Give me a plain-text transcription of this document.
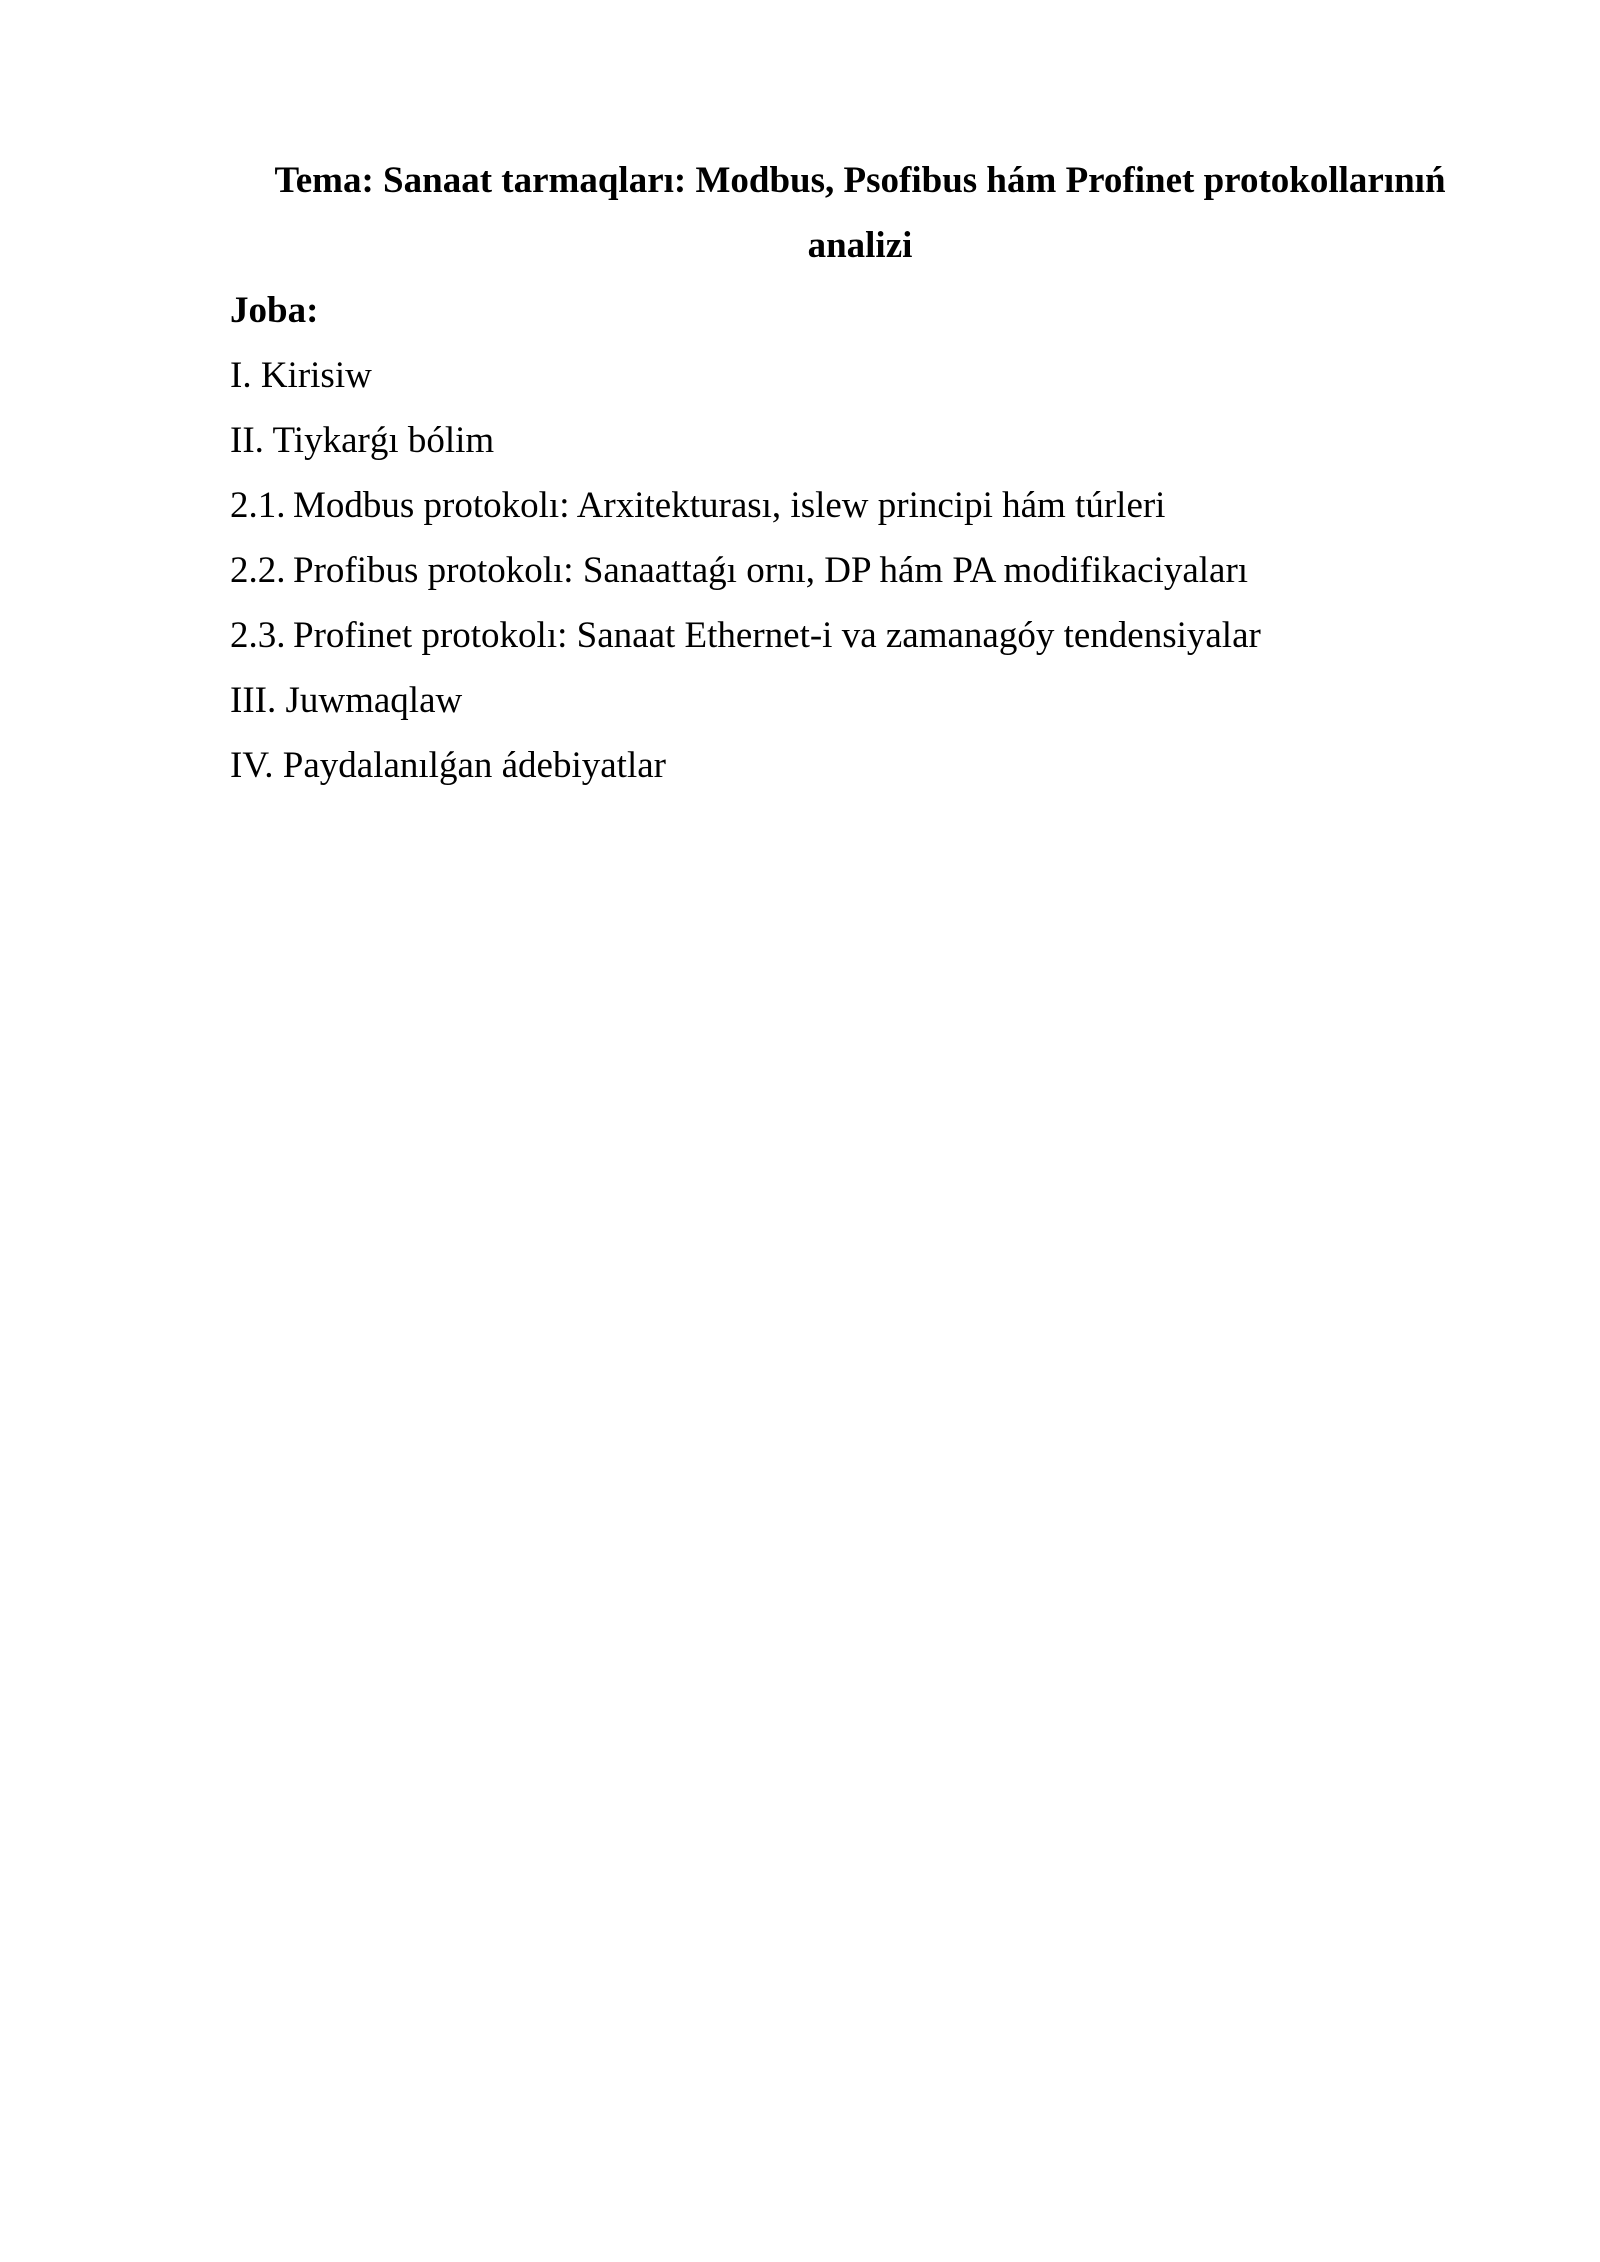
Tema: Sanaat tarmaqları: Modbus, Psofibus hám Profinet protokollarınıń analizi
Joba:
I. Kirisiw
II. Tiykarǵı bólim
2.1. Modbus protokolı: Arxitekturası, islew principi hám túrleri
2.2. Profibus protokolı: Sanaattaǵı ornı, DP hám PA modifikaciyaları
2.3. Profinet protokolı: Sanaat Ethernet-i va zamanagóy tendensiyalar
III. Juwmaqlaw
IV. Paydalanılǵan ádebiyatlar
